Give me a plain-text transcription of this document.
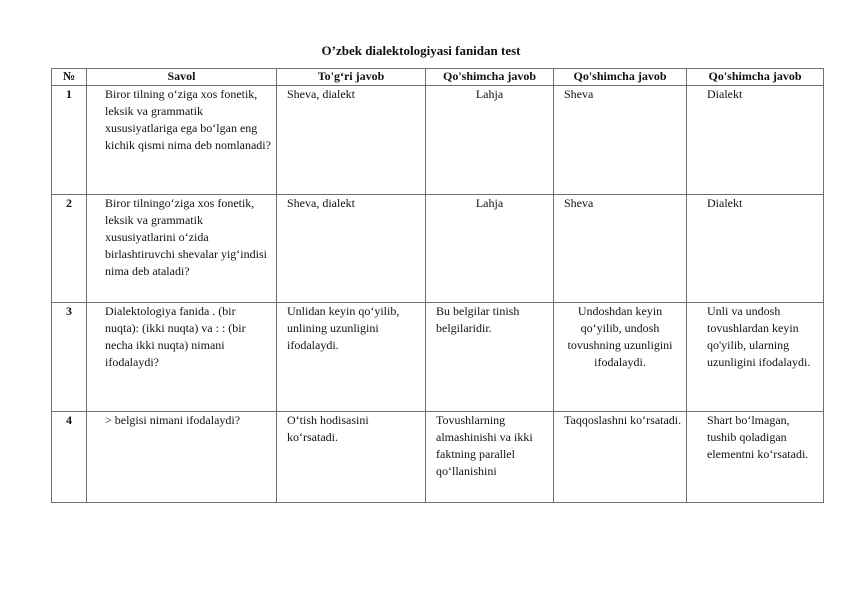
O’zbek dialektologiyasi fanidan test
№	Savol	To'g‘ri javob	Qo'shimcha javob	Qo'shimcha javob	Qo'shimcha javob
1	Biror tilning o‘ziga xos fonetik, leksik va grammatik xususiyatlariga ega bo‘lgan eng kichik qismi nima deb nomlanadi?	Sheva, dialekt	Lahja	Sheva	Dialekt
2	Biror tilningo‘ziga xos fonetik, leksik va grammatik xususiyatlarini o‘zida birlashtiruvchi shevalar yig‘indisi nima deb ataladi?	Sheva, dialekt	Lahja	Sheva	Dialekt
3	Dialektologiya fanida . (bir nuqta): (ikki nuqta) va : : (bir necha ikki nuqta) nimani ifodalaydi?	Unlidan keyin qo‘yilib, unlining uzunligini ifodalaydi.	Bu belgilar tinish belgilaridir.	Undoshdan keyin qo‘yilib, undosh tovushning uzunligini ifodalaydi.	Unli va undosh tovushlardan keyin qo'yilib, ularning uzunligini ifodalaydi.
4	> belgisi nimani ifodalaydi?	O‘tish hodisasini ko‘rsatadi.	Tovushlarning almashinishi va ikki faktning parallel qo‘llanishini	Taqqoslashni ko‘rsatadi.	Shart bo‘lmagan, tushib qoladigan elementni ko‘rsatadi.
